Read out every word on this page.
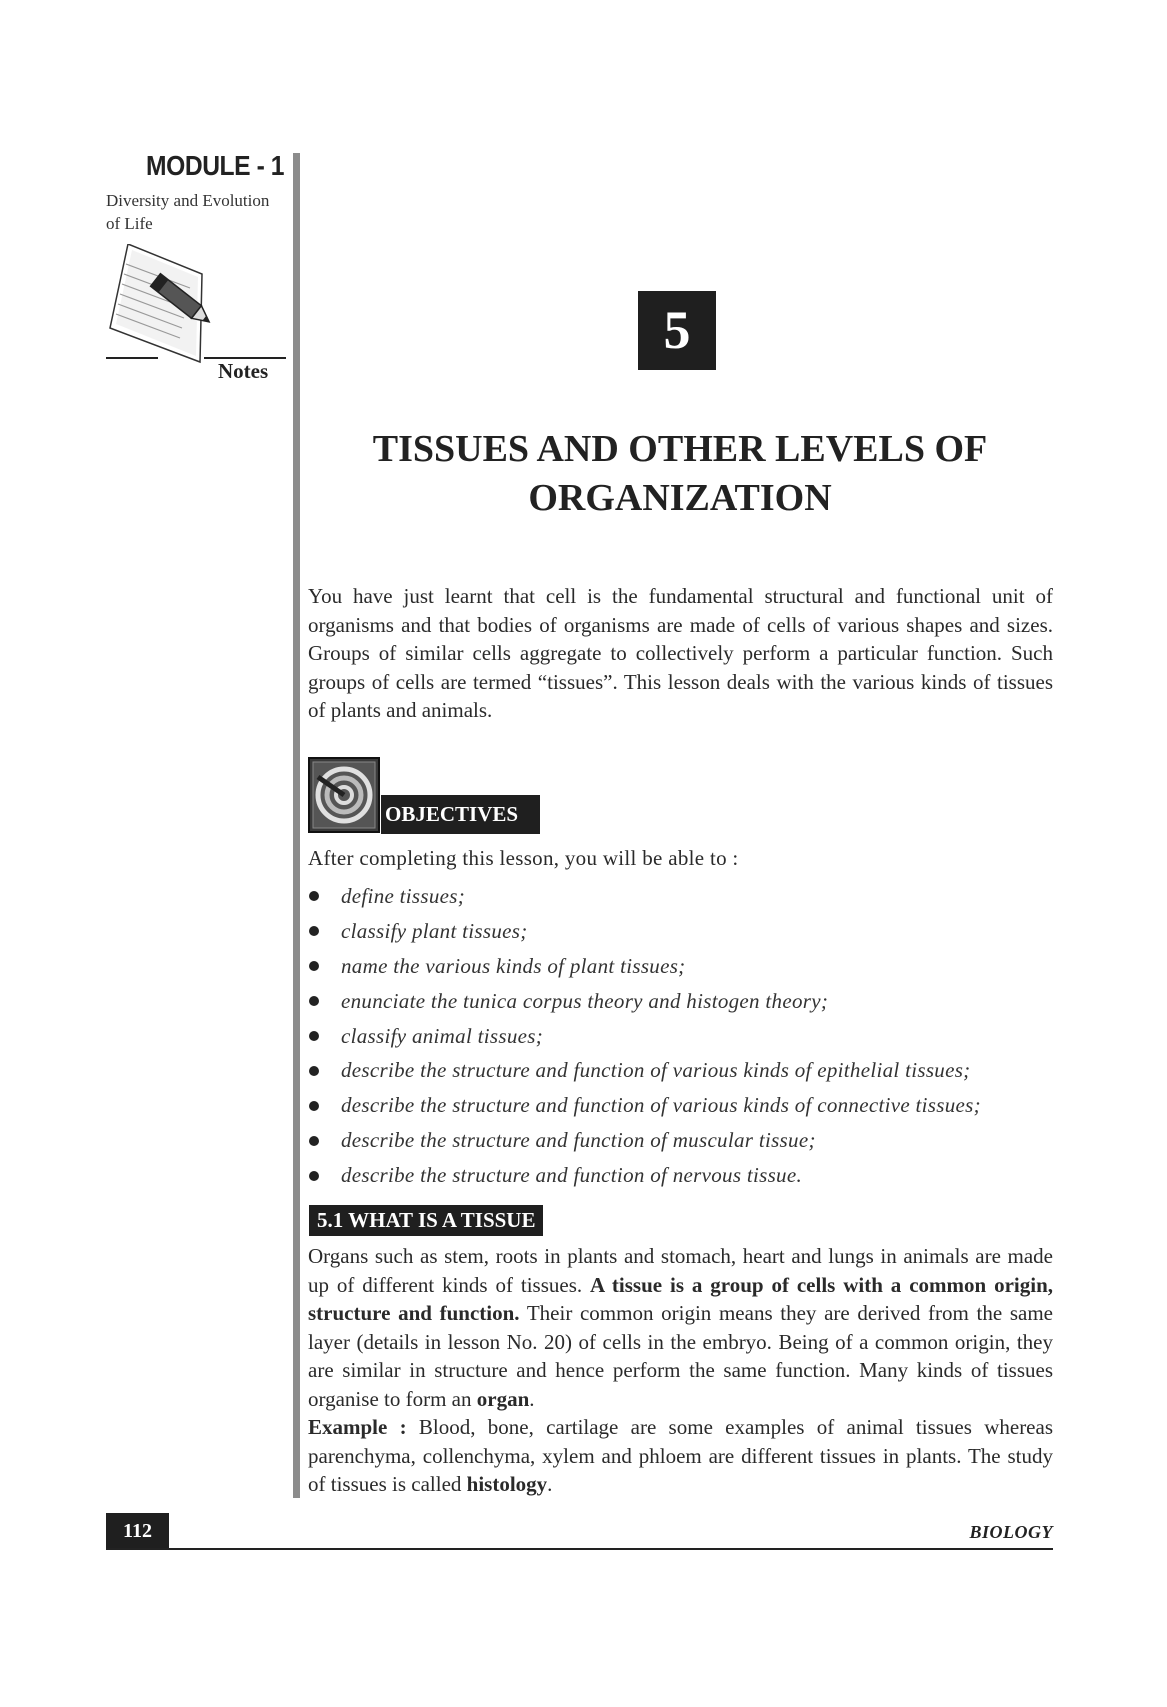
MODULE - 1
Diversity and Evolution of Life
Notes
5
TISSUES AND OTHER LEVELS OF ORGANIZATION

You have just learnt that cell is the fundamental structural and functional unit of organisms and that bodies of organisms are made of cells of various shapes and sizes. Groups of similar cells aggregate to collectively perform a particular function. Such groups of cells are termed “tissues”. This lesson deals with the various kinds of tissues of plants and animals.

OBJECTIVES
After completing this lesson, you will be able to :
define tissues;
classify plant tissues;
name the various kinds of plant tissues;
enunciate the tunica corpus theory and histogen theory;
classify animal tissues;
describe the structure and function of various kinds of epithelial tissues;
describe the structure and function of various kinds of connective tissues;
describe the structure and function of muscular tissue;
describe the structure and function of nervous tissue.
5.1 WHAT IS A TISSUE

Organs such as stem, roots in plants and stomach, heart and lungs in animals are made up of different kinds of tissues. A tissue is a group of cells with a common origin, structure and function. Their common origin means they are derived from the same layer (details in lesson No. 20) of cells in the embryo. Being of a common origin, they are similar in structure and hence perform the same function. Many kinds of tissues organise to form an organ.

Example : Blood, bone, cartilage are some examples of animal tissues whereas parenchyma, collenchyma, xylem and phloem are different tissues in plants. The study of tissues is called histology.

112	BIOLOGY
